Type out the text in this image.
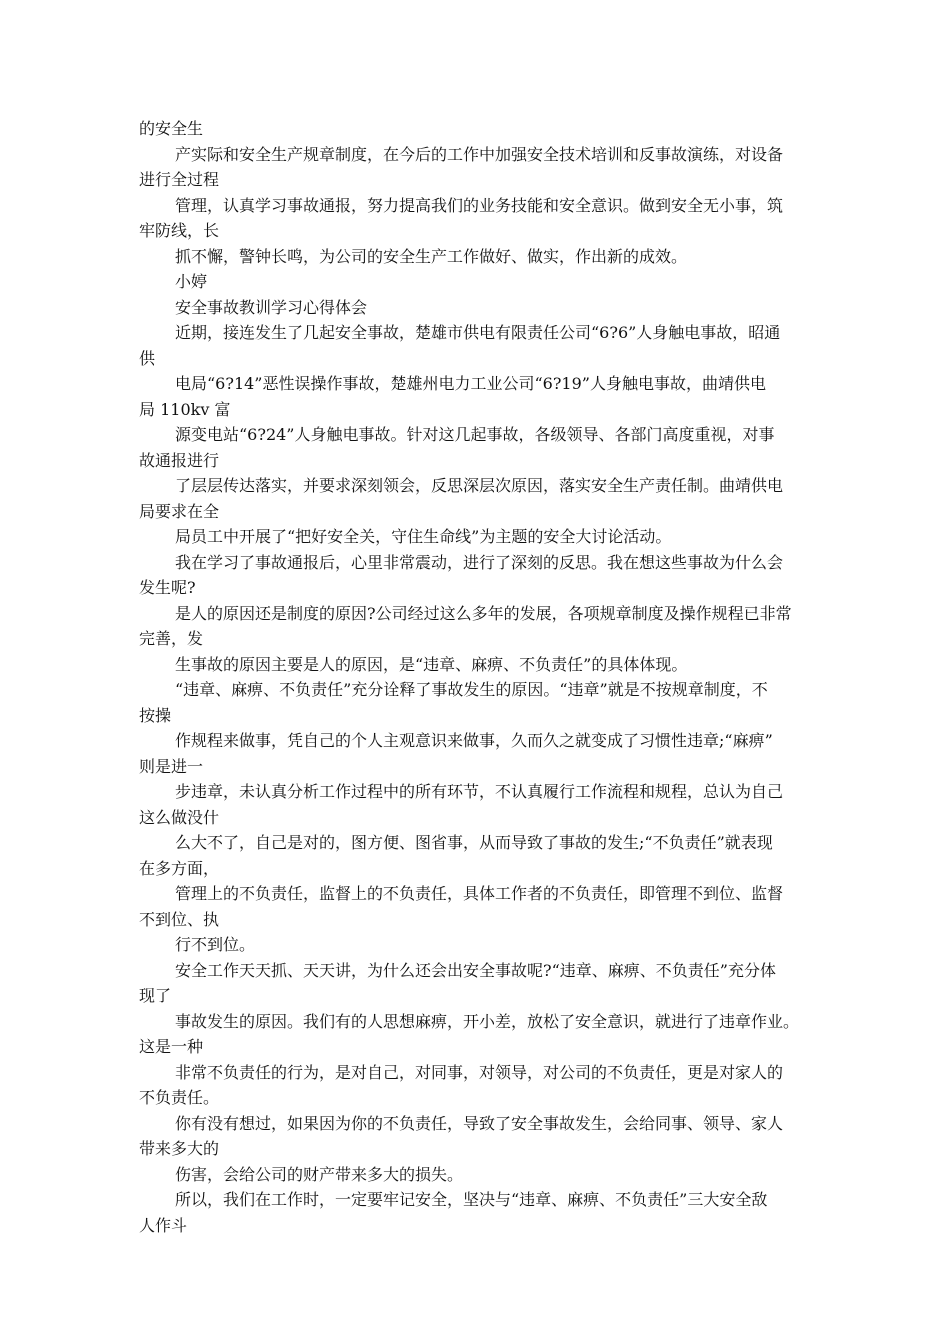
的安全生
产实际和安全生产规章制度，在今后的工作中加强安全技术培训和反事故演练，对设备
进行全过程
管理，认真学习事故通报，努力提高我们的业务技能和安全意识。做到安全无小事，筑
牢防线，长
抓不懈，警钟长鸣，为公司的安全生产工作做好、做实，作出新的成效。
小婷
安全事故教训学习心得体会
近期，接连发生了几起安全事故，楚雄市供电有限责任公司“6?6”人身触电事故，昭通
供
电局“6?14”恶性误操作事故，楚雄州电力工业公司“6?19”人身触电事故，曲靖供电
局 110kv 富
源变电站“6?24”人身触电事故。针对这几起事故，各级领导、各部门高度重视，对事
故通报进行
了层层传达落实，并要求深刻领会，反思深层次原因，落实安全生产责任制。曲靖供电
局要求在全
局员工中开展了“把好安全关，守住生命线”为主题的安全大讨论活动。
我在学习了事故通报后，心里非常震动，进行了深刻的反思。我在想这些事故为什么会
发生呢?
是人的原因还是制度的原因?公司经过这么多年的发展，各项规章制度及操作规程已非常
完善，发
生事故的原因主要是人的原因，是“违章、麻痹、不负责任”的具体体现。
“违章、麻痹、不负责任”充分诠释了事故发生的原因。“违章”就是不按规章制度，不
按操
作规程来做事，凭自己的个人主观意识来做事，久而久之就变成了习惯性违章;“麻痹”
则是进一
步违章，未认真分析工作过程中的所有环节，不认真履行工作流程和规程，总认为自己
这么做没什
么大不了，自己是对的，图方便、图省事，从而导致了事故的发生;“不负责任”就表现
在多方面，
管理上的不负责任，监督上的不负责任，具体工作者的不负责任，即管理不到位、监督
不到位、执
行不到位。
安全工作天天抓、天天讲，为什么还会出安全事故呢?“违章、麻痹、不负责任”充分体
现了
事故发生的原因。我们有的人思想麻痹，开小差，放松了安全意识，就进行了违章作业。
这是一种
非常不负责任的行为，是对自己，对同事，对领导，对公司的不负责任，更是对家人的
不负责任。
你有没有想过，如果因为你的不负责任，导致了安全事故发生，会给同事、领导、家人
带来多大的
伤害，会给公司的财产带来多大的损失。
所以，我们在工作时，一定要牢记安全，坚决与“违章、麻痹、不负责任”三大安全敌
人作斗
